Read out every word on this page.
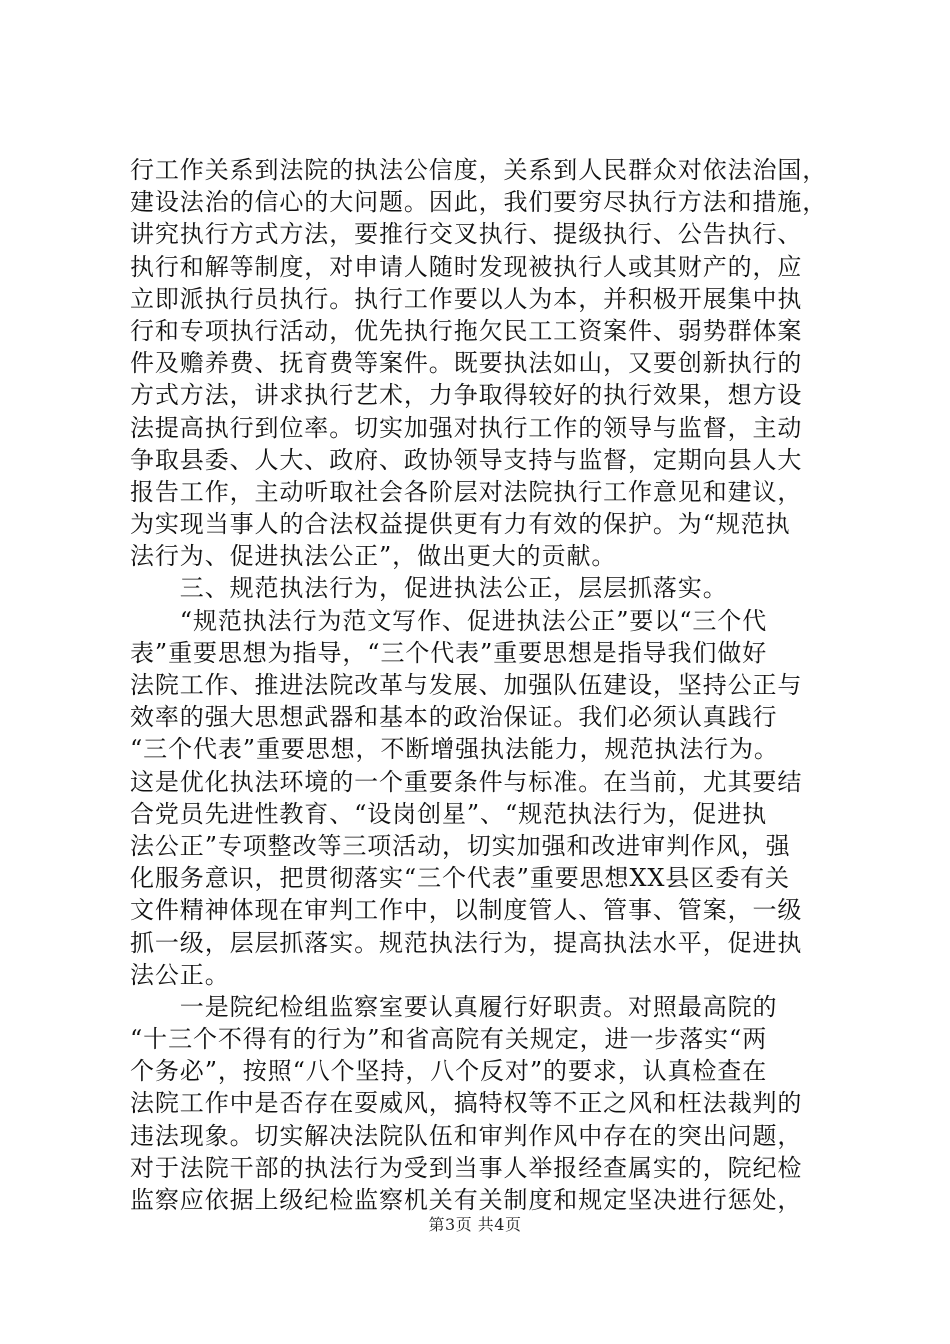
行工作关系到法院的执法公信度，关系到人民群众对依法治国，
建设法治的信心的大问题。因此，我们要穷尽执行方法和措施，
讲究执行方式方法，要推行交叉执行、提级执行、公告执行、
执行和解等制度，对申请人随时发现被执行人或其财产的，应
立即派执行员执行。执行工作要以人为本，并积极开展集中执
行和专项执行活动，优先执行拖欠民工工资案件、弱势群体案
件及赡养费、抚育费等案件。既要执法如山，又要创新执行的
方式方法，讲求执行艺术，力争取得较好的执行效果，想方设
法提高执行到位率。切实加强对执行工作的领导与监督，主动
争取县委、人大、政府、政协领导支持与监督，定期向县人大
报告工作，主动听取社会各阶层对法院执行工作意见和建议，
为实现当事人的合法权益提供更有力有效的保护。为“规范执
法行为、促进执法公正”，做出更大的贡献。
　　三、规范执法行为，促进执法公正，层层抓落实。
　　“规范执法行为范文写作、促进执法公正”要以“三个代
表”重要思想为指导，“三个代表”重要思想是指导我们做好
法院工作、推进法院改革与发展、加强队伍建设，坚持公正与
效率的强大思想武器和基本的政治保证。我们必须认真践行
“三个代表”重要思想，不断增强执法能力，规范执法行为。
这是优化执法环境的一个重要条件与标准。在当前，尤其要结
合党员先进性教育、“设岗创星”、“规范执法行为，促进执
法公正”专项整改等三项活动，切实加强和改进审判作风，强
化服务意识，把贯彻落实“三个代表”重要思想XX县区委有关
文件精神体现在审判工作中，以制度管人、管事、管案，一级
抓一级，层层抓落实。规范执法行为，提高执法水平，促进执
法公正。
　　一是院纪检组监察室要认真履行好职责。对照最高院的
“十三个不得有的行为”和省高院有关规定，进一步落实“两
个务必”，按照“八个坚持，八个反对”的要求，认真检查在
法院工作中是否存在耍威风，搞特权等不正之风和枉法裁判的
违法现象。切实解决法院队伍和审判作风中存在的突出问题，
对于法院干部的执法行为受到当事人举报经查属实的，院纪检
监察应依据上级纪检监察机关有关制度和规定坚决进行惩处，
第3页 共4页
